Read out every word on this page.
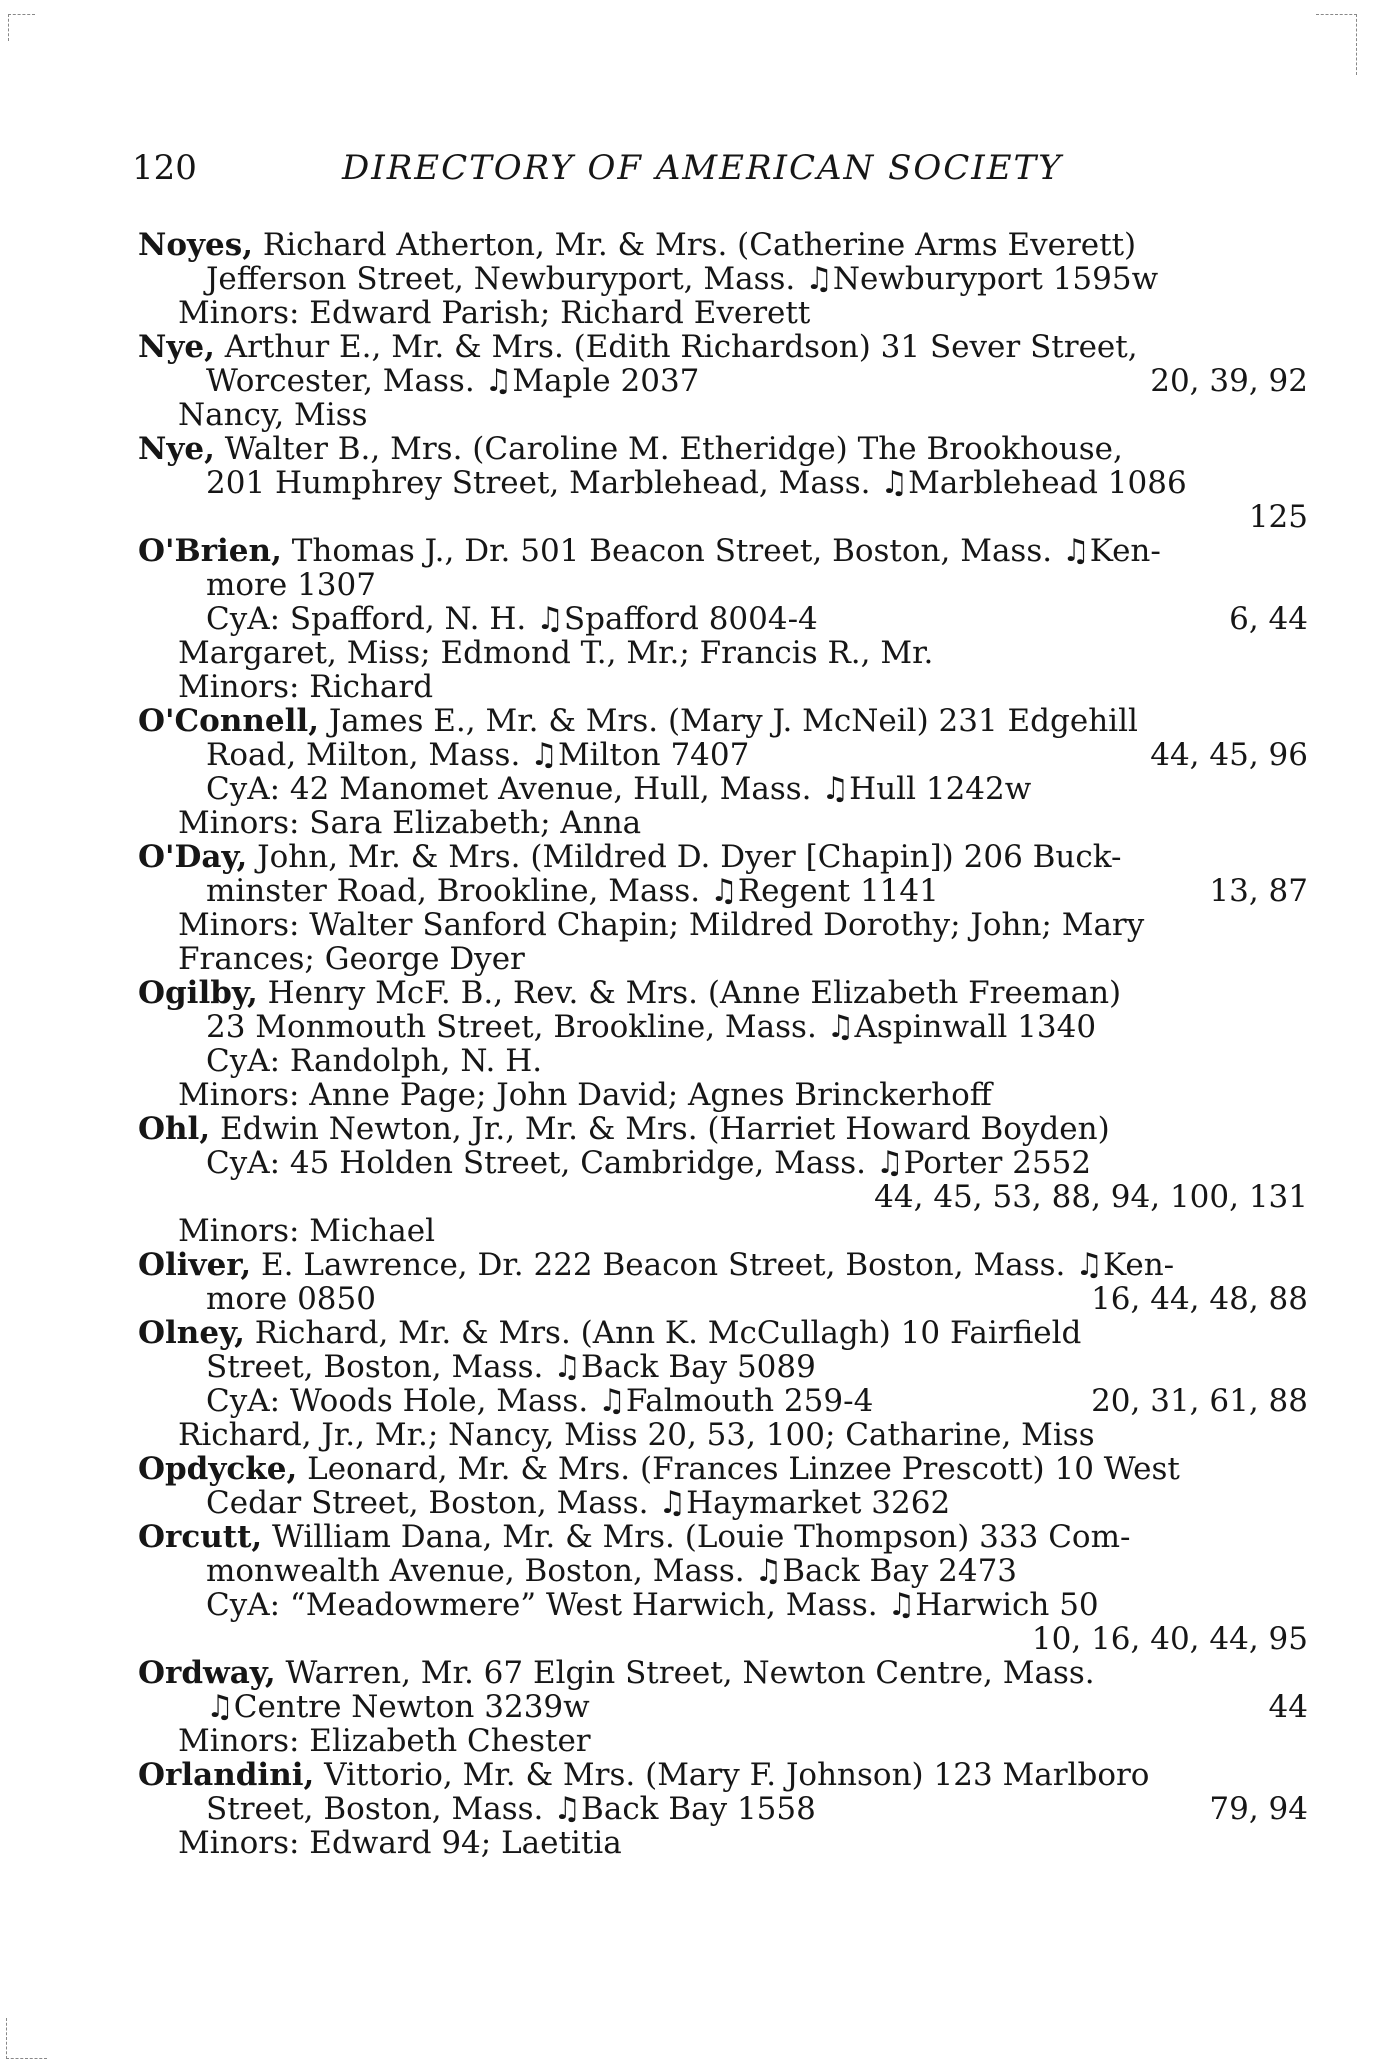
120	DIRECTORY OF AMERICAN SOCIETY
Noyes, Richard Atherton, Mr. & Mrs. (Catherine Arms Everett)
Jefferson Street, Newburyport, Mass. ♫Newburyport 1595w
Minors: Edward Parish; Richard Everett
Nye, Arthur E., Mr. & Mrs. (Edith Richardson) 31 Sever Street,
Worcester, Mass. ♫Maple 2037	20, 39, 92
Nancy, Miss
Nye, Walter B., Mrs. (Caroline M. Etheridge) The Brookhouse,
201 Humphrey Street, Marblehead, Mass. ♫Marblehead 1086
125
O'Brien, Thomas J., Dr. 501 Beacon Street, Boston, Mass. ♫Ken-
more 1307
CyA: Spafford, N. H. ♫Spafford 8004-4	6, 44
Margaret, Miss; Edmond T., Mr.; Francis R., Mr.
Minors: Richard
O'Connell, James E., Mr. & Mrs. (Mary J. McNeil) 231 Edgehill
Road, Milton, Mass. ♫Milton 7407	44, 45, 96
CyA: 42 Manomet Avenue, Hull, Mass. ♫Hull 1242w
Minors: Sara Elizabeth; Anna
O'Day, John, Mr. & Mrs. (Mildred D. Dyer [Chapin]) 206 Buck-
minster Road, Brookline, Mass. ♫Regent 1141	13, 87
Minors: Walter Sanford Chapin; Mildred Dorothy; John; Mary
Frances; George Dyer
Ogilby, Henry McF. B., Rev. & Mrs. (Anne Elizabeth Freeman)
23 Monmouth Street, Brookline, Mass. ♫Aspinwall 1340
CyA: Randolph, N. H.
Minors: Anne Page; John David; Agnes Brinckerhoff
Ohl, Edwin Newton, Jr., Mr. & Mrs. (Harriet Howard Boyden)
CyA: 45 Holden Street, Cambridge, Mass. ♫Porter 2552
44, 45, 53, 88, 94, 100, 131
Minors: Michael
Oliver, E. Lawrence, Dr. 222 Beacon Street, Boston, Mass. ♫Ken-
more 0850	16, 44, 48, 88
Olney, Richard, Mr. & Mrs. (Ann K. McCullagh) 10 Fairfield
Street, Boston, Mass. ♫Back Bay 5089
CyA: Woods Hole, Mass. ♫Falmouth 259-4	20, 31, 61, 88
Richard, Jr., Mr.; Nancy, Miss 20, 53, 100; Catharine, Miss
Opdycke, Leonard, Mr. & Mrs. (Frances Linzee Prescott) 10 West
Cedar Street, Boston, Mass. ♫Haymarket 3262
Orcutt, William Dana, Mr. & Mrs. (Louie Thompson) 333 Com-
monwealth Avenue, Boston, Mass. ♫Back Bay 2473
CyA: “Meadowmere” West Harwich, Mass. ♫Harwich 50
10, 16, 40, 44, 95
Ordway, Warren, Mr. 67 Elgin Street, Newton Centre, Mass.
♫Centre Newton 3239w	44
Minors: Elizabeth Chester
Orlandini, Vittorio, Mr. & Mrs. (Mary F. Johnson) 123 Marlboro
Street, Boston, Mass. ♫Back Bay 1558	79, 94
Minors: Edward 94; Laetitia
